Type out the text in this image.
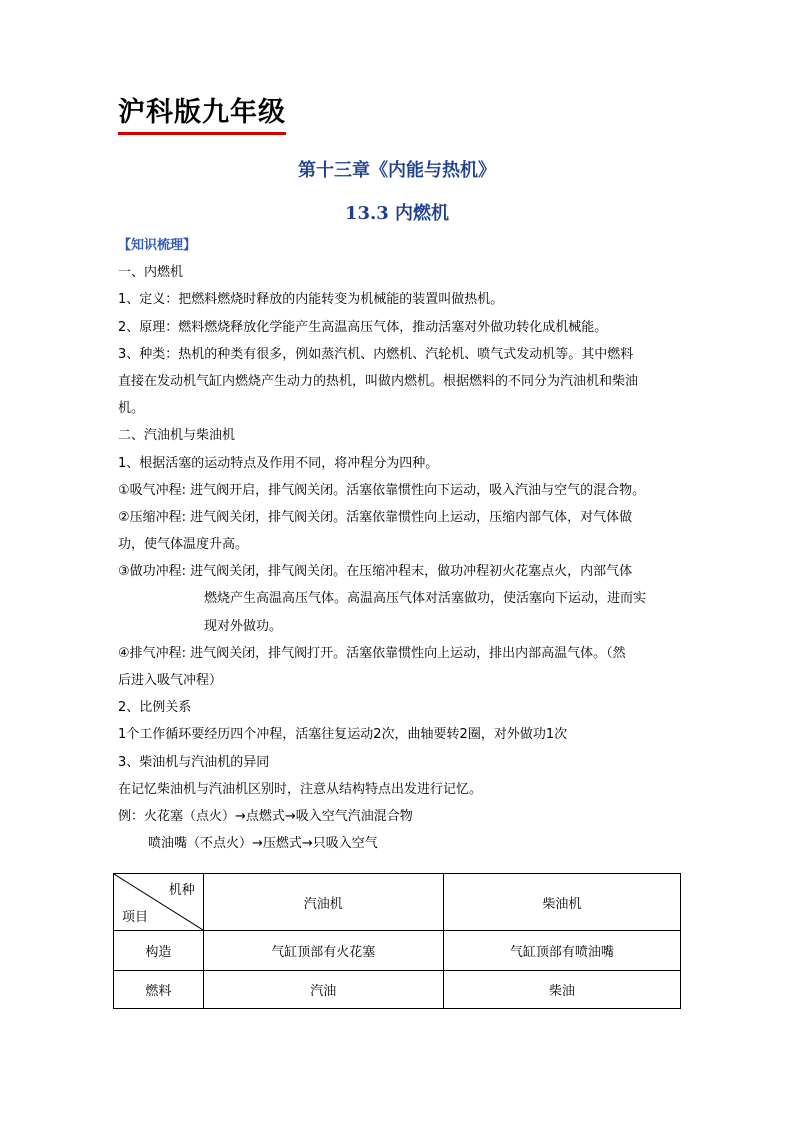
沪科版九年级
第十三章《内能与热机》
13.3 内燃机
【知识梳理】
一、内燃机
1、定义：把燃料燃烧时释放的内能转变为机械能的装置叫做热机。
2、原理：燃料燃烧释放化学能产生高温高压气体，推动活塞对外做功转化成机械能。
3、种类：热机的种类有很多，例如蒸汽机、内燃机、汽轮机、喷气式发动机等。其中燃料
直接在发动机气缸内燃烧产生动力的热机，叫做内燃机。根据燃料的不同分为汽油机和柴油
机。
二、汽油机与柴油机
1、根据活塞的运动特点及作用不同，将冲程分为四种。
①吸气冲程: 进气阀开启，排气阀关闭。活塞依靠惯性向下运动，吸入汽油与空气的混合物。
②压缩冲程: 进气阀关闭，排气阀关闭。活塞依靠惯性向上运动，压缩内部气体，对气体做
功，使气体温度升高。
③做功冲程: 进气阀关闭，排气阀关闭。在压缩冲程末，做功冲程初火花塞点火，内部气体
燃烧产生高温高压气体。高温高压气体对活塞做功，使活塞向下运动，进而实
现对外做功。
④排气冲程: 进气阀关闭，排气阀打开。活塞依靠惯性向上运动，排出内部高温气体。（然
后进入吸气冲程）
2、比例关系
1个工作循环要经历四个冲程，活塞往复运动2次，曲轴要转2圈，对外做功1次
3、柴油机与汽油机的异同
在记忆柴油机与汽油机区别时，注意从结构特点出发进行记忆。
例：火花塞（点火）→点燃式→吸入空气汽油混合物
喷油嘴（不点火）→压燃式→只吸入空气
机种
项目	汽油机	柴油机
构造	气缸顶部有火花塞	气缸顶部有喷油嘴
燃料	汽油	柴油
